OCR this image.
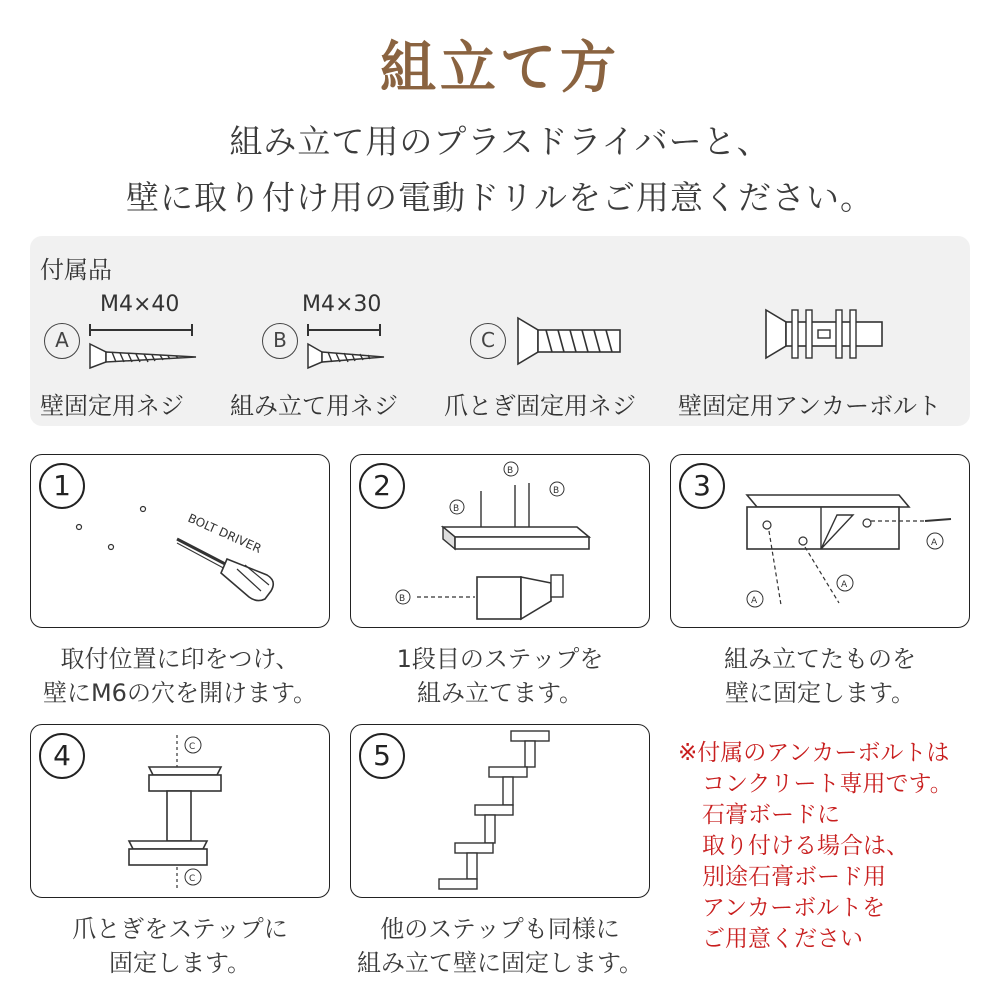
組立て方
組み立て用のプラスドライバーと、
壁に取り付け用の電動ドリルをご用意ください。
付属品
M4×40
A
壁固定用ネジ
M4×30
B
組み立て用ネジ
C
爪とぎ固定用ネジ 壁固定用アンカーボルト
1
BOLT DRIVER
取付位置に印をつけ、
壁にM6の穴を開けます。
2
B
B
B
B
1段目のステップを
組み立てます。
3
A
A
A
組み立てたものを
壁に固定します。
4	C
C
爪とぎをステップに
固定します。
5
他のステップも同様に
組み立て壁に固定します。
※付属のアンカーボルトは
コンクリート専用です。
石膏ボードに
取り付ける場合は、
別途石膏ボード用
アンカーボルトを
ご用意ください
